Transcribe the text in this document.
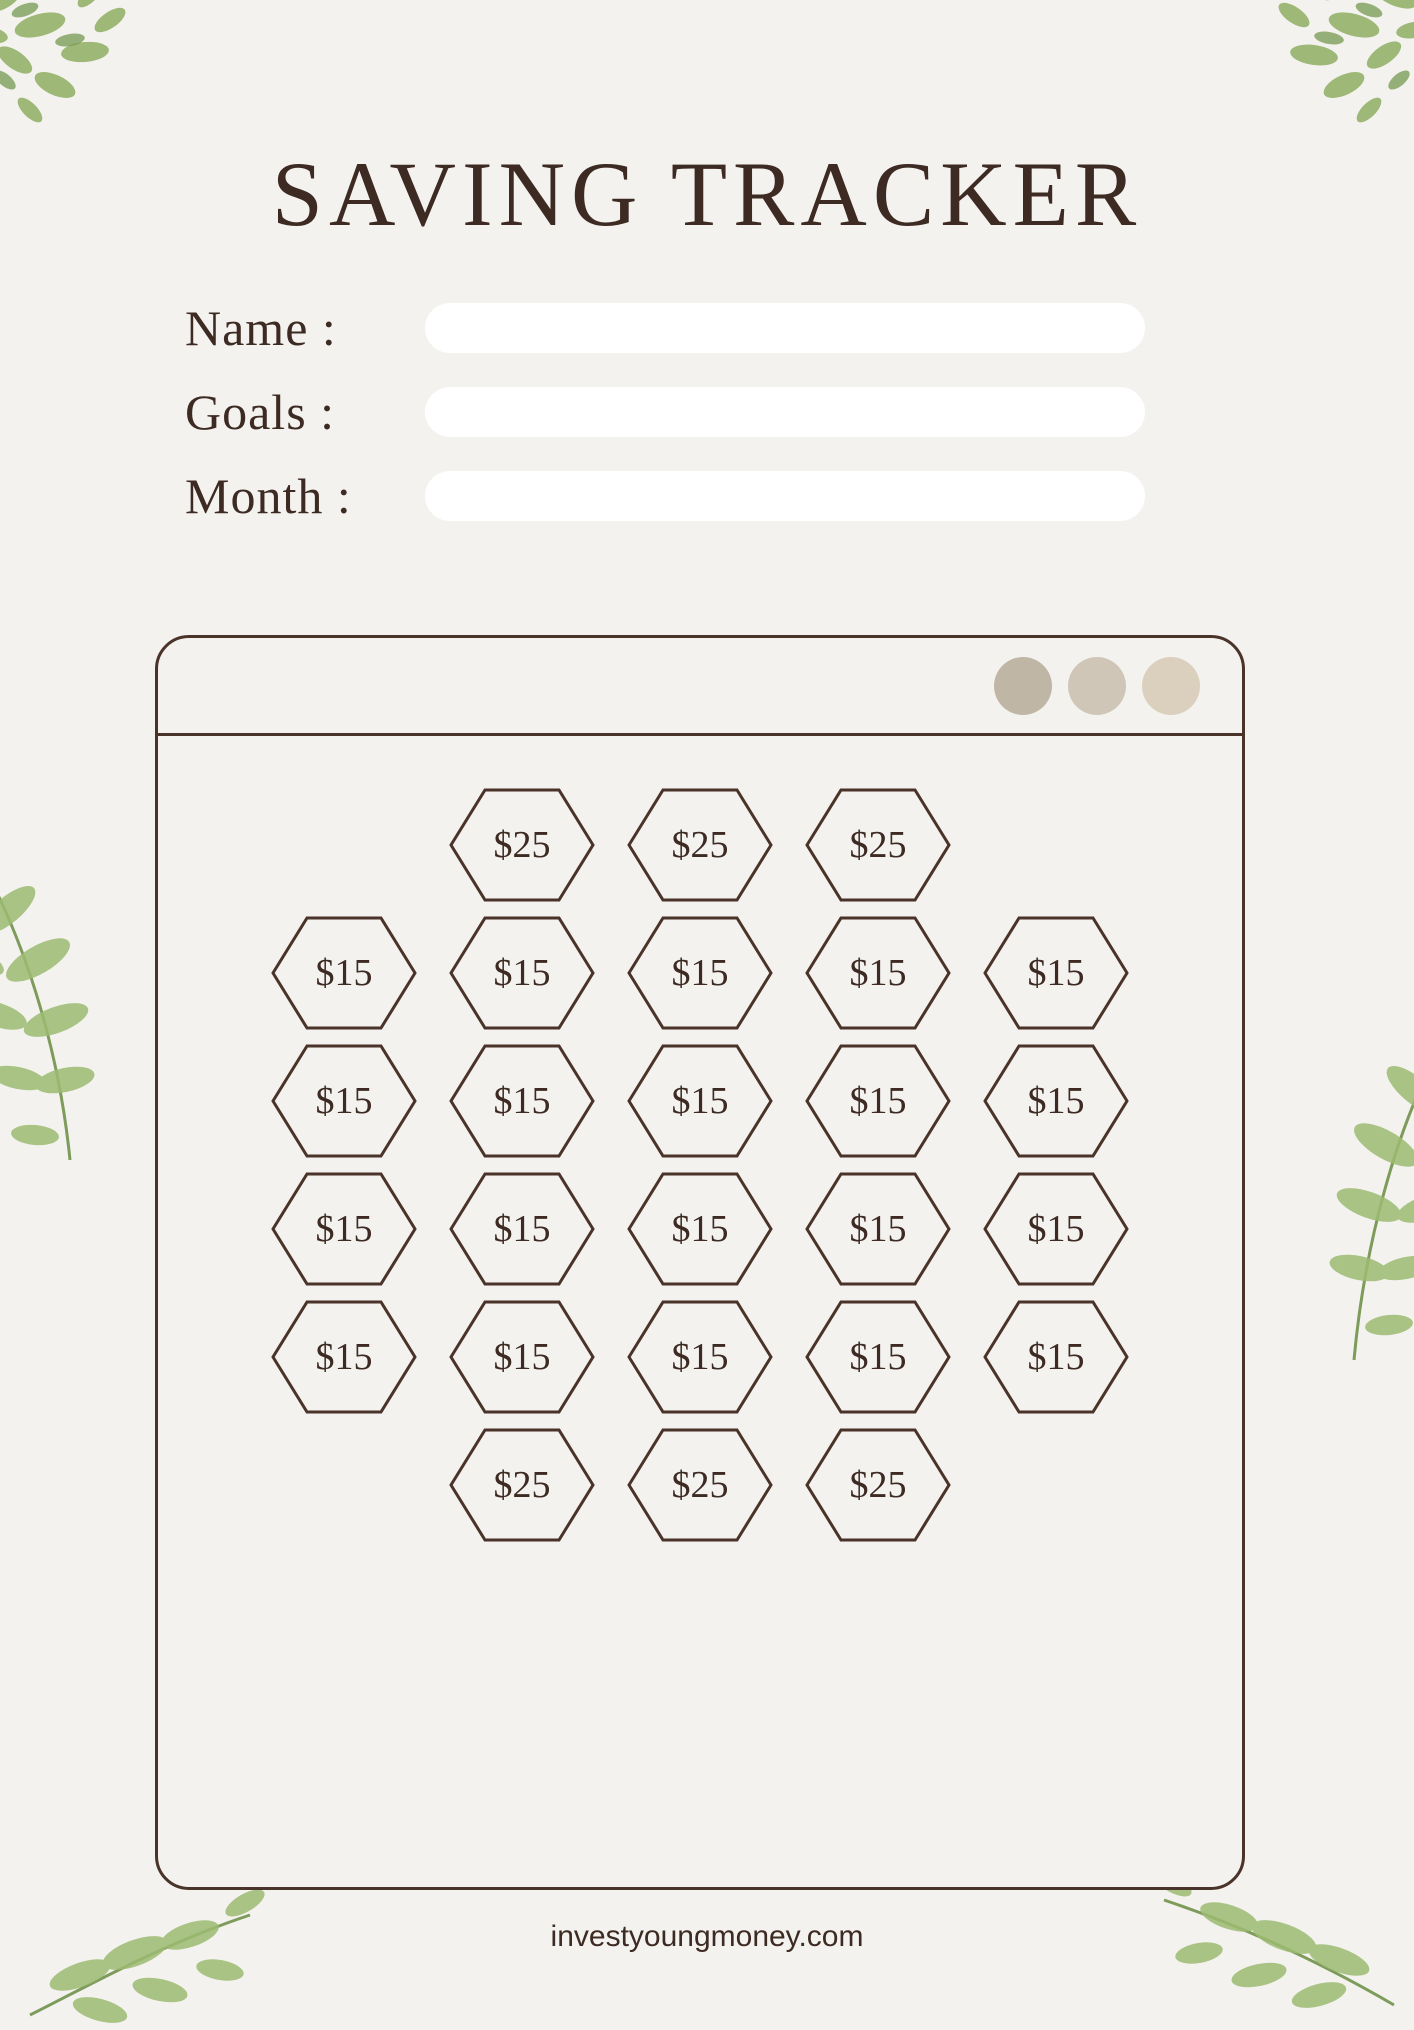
SAVING TRACKER
Name :
Goals :
Month :
$25	$25	$25
$15	$15	$15	$15	$15
$15	$15	$15	$15	$15
$15	$15	$15	$15	$15
$15	$15	$15	$15	$15
$25	$25	$25
investyoungmoney.com
